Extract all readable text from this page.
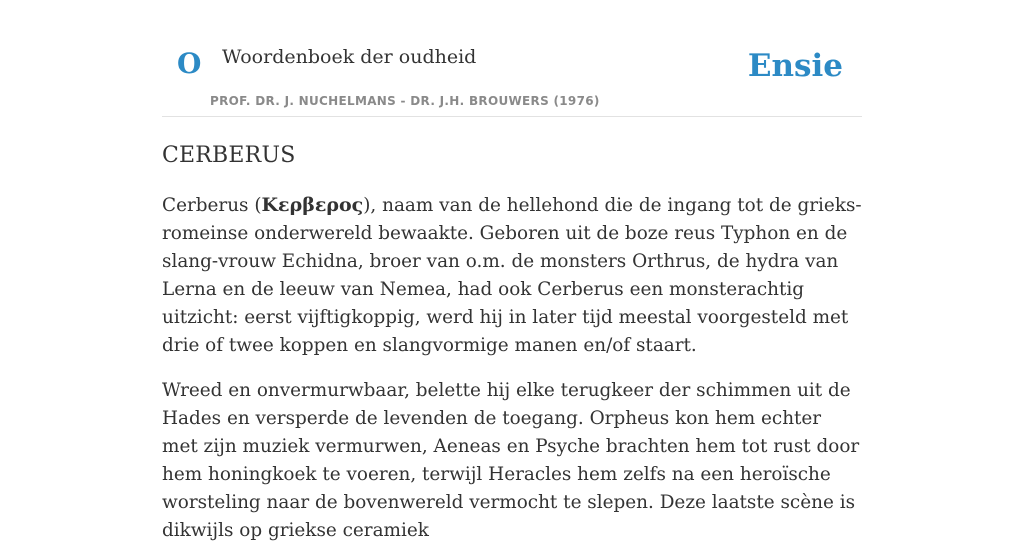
O Woordenboek der oudheid
PROF. DR. J. NUCHELMANS - DR. J.H. BROUWERS (1976)
Ensie
CERBERUS

Cerberus (Κερβερος), naam van de hellehond die de ingang tot de grieks-romeinse onderwereld bewaakte. Geboren uit de boze reus Typhon en de slang-vrouw Echidna, broer van o.m. de monsters Orthrus, de hydra van Lerna en de leeuw van Nemea, had ook Cerberus een monsterachtig uitzicht: eerst vijftigkoppig, werd hij in later tijd meestal voorgesteld met drie of twee koppen en slangvormige manen en/of staart.

Wreed en onvermurwbaar, belette hij elke terugkeer der schimmen uit de Hades en versperde de levenden de toegang. Orpheus kon hem echter met zijn muziek vermurwen, Aeneas en Psyche brachten hem tot rust door hem honingkoek te voeren, terwijl Heracles hem zelfs na een heroïsche worsteling naar de bovenwereld vermocht te slepen. Deze laatste scène is dikwijls op griekse ceramiek
